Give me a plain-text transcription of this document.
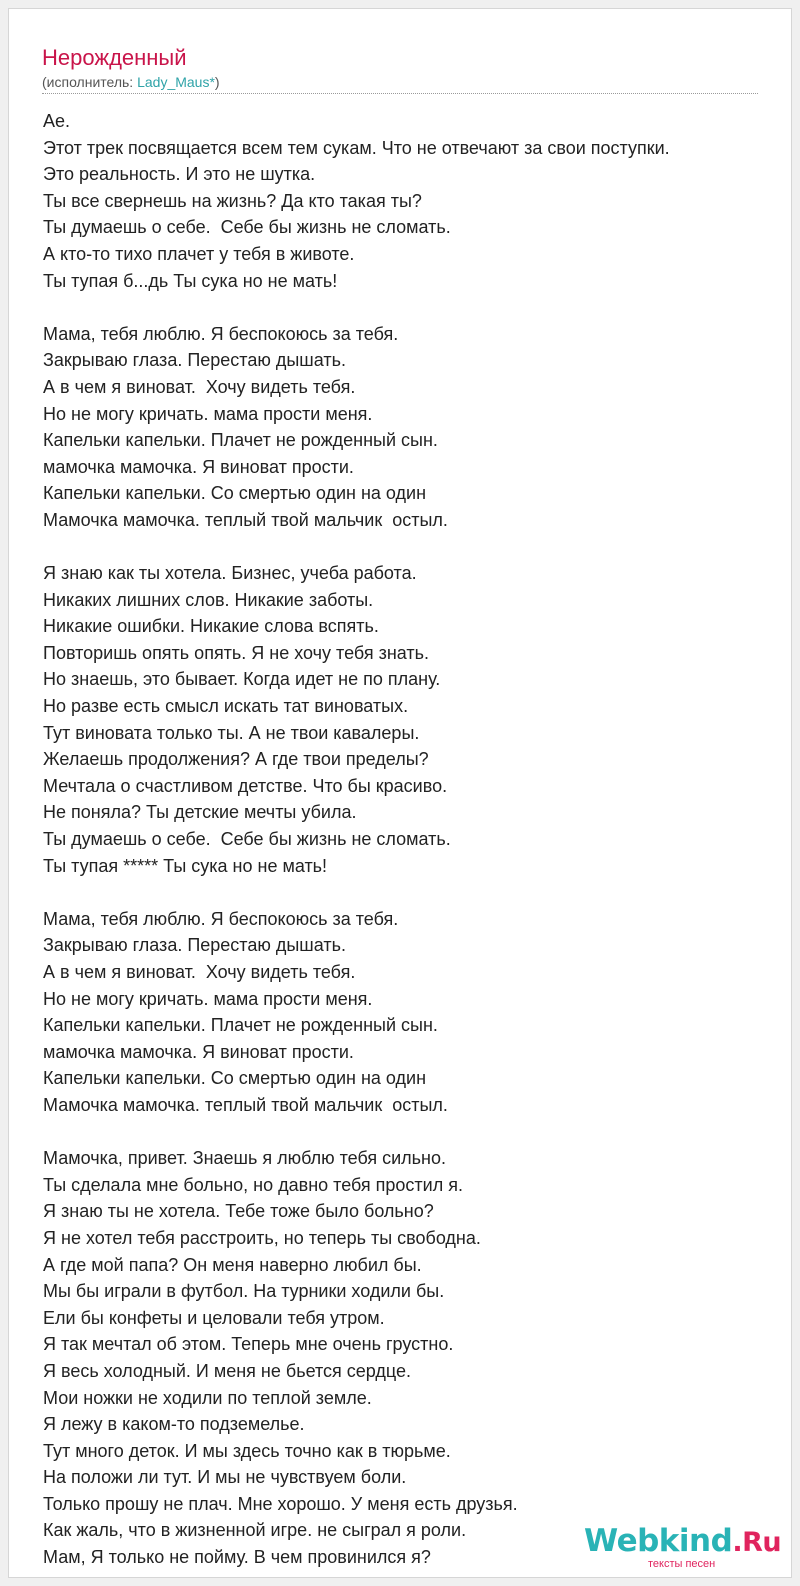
Нерожденный
(исполнитель: Lady_Maus*)
Ае.
Этот трек посвящается всем тем сукам. Что не отвечают за свои поступки.
Это реальность. И это не шутка.
Ты все свернешь на жизнь? Да кто такая ты?
Ты думаешь о себе.  Себе бы жизнь не сломать.
А кто-то тихо плачет у тебя в животе.
Ты тупая б...дь Ты сука но не мать!
Мама, тебя люблю. Я беспокоюсь за тебя.
Закрываю глаза. Перестаю дышать.
А в чем я виноват.  Хочу видеть тебя.
Но не могу кричать. мама прости меня.
Капельки капельки. Плачет не рожденный сын.
мамочка мамочка. Я виноват прости.
Капельки капельки. Со смертью один на один
Мамочка мамочка. теплый твой мальчик  остыл.
Я знаю как ты хотела. Бизнес, учеба работа.
Никаких лишних слов. Никакие заботы.
Никакие ошибки. Никакие слова вспять.
Повторишь опять опять. Я не хочу тебя знать.
Но знаешь, это бывает. Когда идет не по плану.
Но разве есть смысл искать тат виноватых.
Тут виновата только ты. А не твои кавалеры.
Желаешь продолжения? А где твои пределы?
Мечтала о счастливом детстве. Что бы красиво.
Не поняла? Ты детские мечты убила.
Ты думаешь о себе.  Себе бы жизнь не сломать.
Ты тупая ***** Ты сука но не мать!
Мама, тебя люблю. Я беспокоюсь за тебя.
Закрываю глаза. Перестаю дышать.
А в чем я виноват.  Хочу видеть тебя.
Но не могу кричать. мама прости меня.
Капельки капельки. Плачет не рожденный сын.
мамочка мамочка. Я виноват прости.
Капельки капельки. Со смертью один на один
Мамочка мамочка. теплый твой мальчик  остыл.
Мамочка, привет. Знаешь я люблю тебя сильно.
Ты сделала мне больно, но давно тебя простил я.
Я знаю ты не хотела. Тебе тоже было больно?
Я не хотел тебя расстроить, но теперь ты свободна.
А где мой папа? Он меня наверно любил бы.
Мы бы играли в футбол. На турники ходили бы.
Ели бы конфеты и целовали тебя утром.
Я так мечтал об этом. Теперь мне очень грустно.
Я весь холодный. И меня не бьется сердце.
Мои ножки не ходили по теплой земле.
Я лежу в каком-то подземелье.
Тут много деток. И мы здесь точно как в тюрьме.
На положи ли тут. И мы не чувствуем боли.
Только прошу не плач. Мне хорошо. У меня есть друзья.
Как жаль, что в жизненной игре. не сыграл я роли.
Мам, Я только не пойму. В чем провинился я?	Webkind.Ru
тексты песен
